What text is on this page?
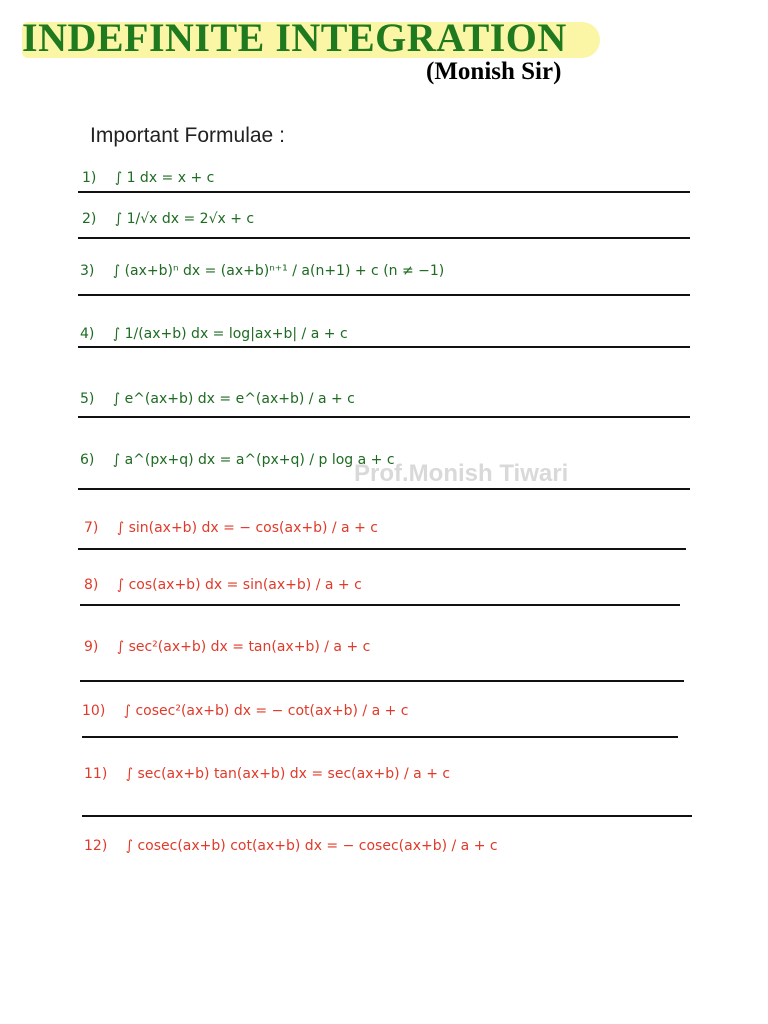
INDEFINITE INTEGRATION

(Monish Sir)

Important Formulae :

1) ∫ 1 dx = x + c
2) ∫ 1/√x dx = 2√x + c
3) ∫ (ax+b)ⁿ dx = (ax+b)ⁿ⁺¹ / a(n+1) + c (n ≠ −1)
4) ∫ 1/(ax+b) dx = log|ax+b| / a + c
5) ∫ e^(ax+b) dx = e^(ax+b) / a + c
6) ∫ a^(px+q) dx = a^(px+q) / p log a + c
7) ∫ sin(ax+b) dx = − cos(ax+b) / a + c
8) ∫ cos(ax+b) dx = sin(ax+b) / a + c
9) ∫ sec²(ax+b) dx = tan(ax+b) / a + c
10) ∫ cosec²(ax+b) dx = − cot(ax+b) / a + c
11) ∫ sec(ax+b) tan(ax+b) dx = sec(ax+b) / a + c
12) ∫ cosec(ax+b) cot(ax+b) dx = − cosec(ax+b) / a + c
Prof.Monish Tiwari
